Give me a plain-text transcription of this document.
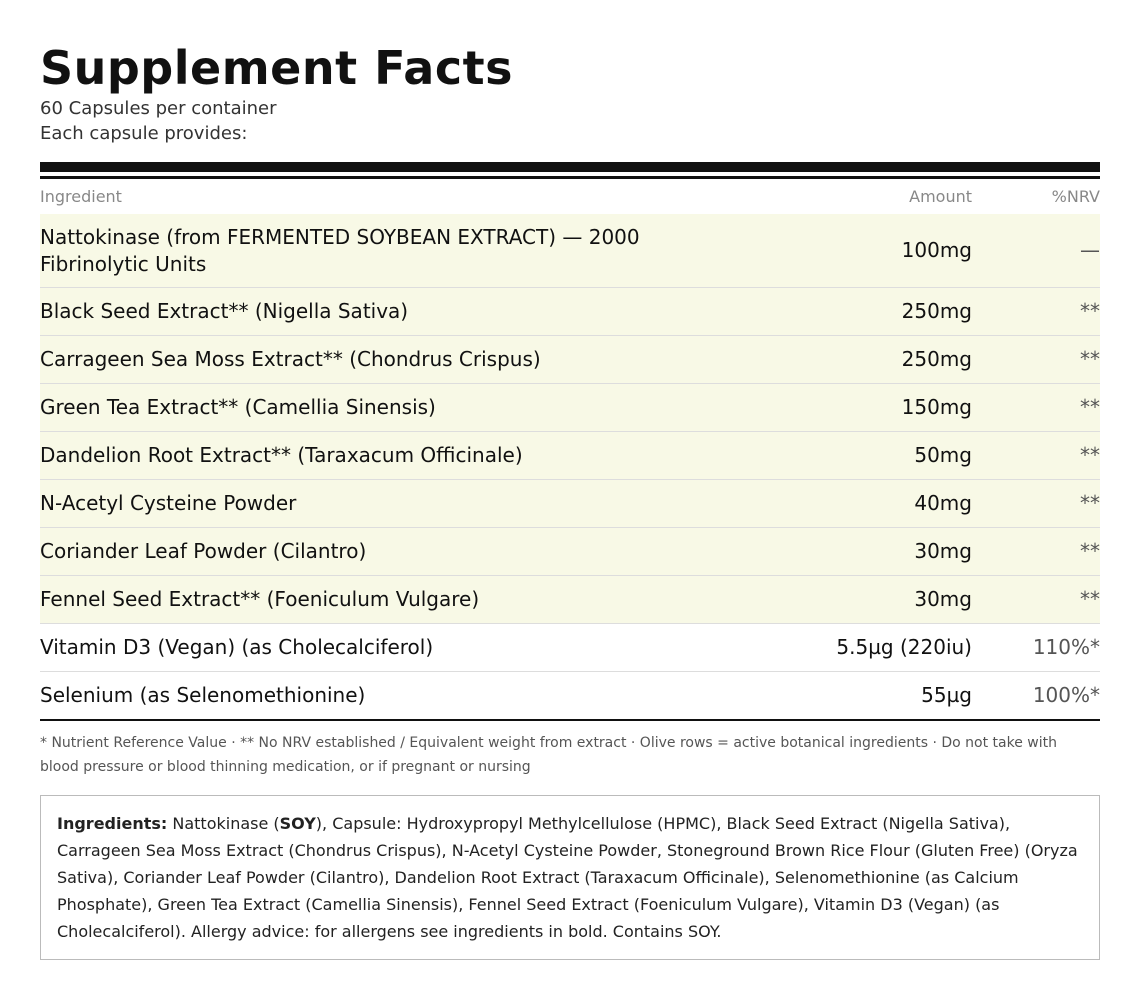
Supplement Facts
60 Capsules per container
Each capsule provides:
Ingredient	Amount	%NRV
Nattokinase (from FERMENTED SOYBEAN EXTRACT) — 2000 Fibrinolytic Units	100mg	—
Black Seed Extract** (Nigella Sativa)	250mg	**
Carrageen Sea Moss Extract** (Chondrus Crispus)	250mg	**
Green Tea Extract** (Camellia Sinensis)	150mg	**
Dandelion Root Extract** (Taraxacum Officinale)	50mg	**
N-Acetyl Cysteine Powder	40mg	**
Coriander Leaf Powder (Cilantro)	30mg	**
Fennel Seed Extract** (Foeniculum Vulgare)	30mg	**
Vitamin D3 (Vegan) (as Cholecalciferol)	5.5µg (220iu)	110%*
Selenium (as Selenomethionine)	55µg	100%*
* Nutrient Reference Value · ** No NRV established / Equivalent weight from extract · Olive rows = active botanical ingredients · Do not take with blood pressure or blood thinning medication, or if pregnant or nursing
Ingredients: Nattokinase (SOY), Capsule: Hydroxypropyl Methylcellulose (HPMC), Black Seed Extract (Nigella Sativa), Carrageen Sea Moss Extract (Chondrus Crispus), N-Acetyl Cysteine Powder, Stoneground Brown Rice Flour (Gluten Free) (Oryza Sativa), Coriander Leaf Powder (Cilantro), Dandelion Root Extract (Taraxacum Officinale), Selenomethionine (as Calcium Phosphate), Green Tea Extract (Camellia Sinensis), Fennel Seed Extract (Foeniculum Vulgare), Vitamin D3 (Vegan) (as Cholecalciferol). Allergy advice: for allergens see ingredients in bold. Contains SOY.
